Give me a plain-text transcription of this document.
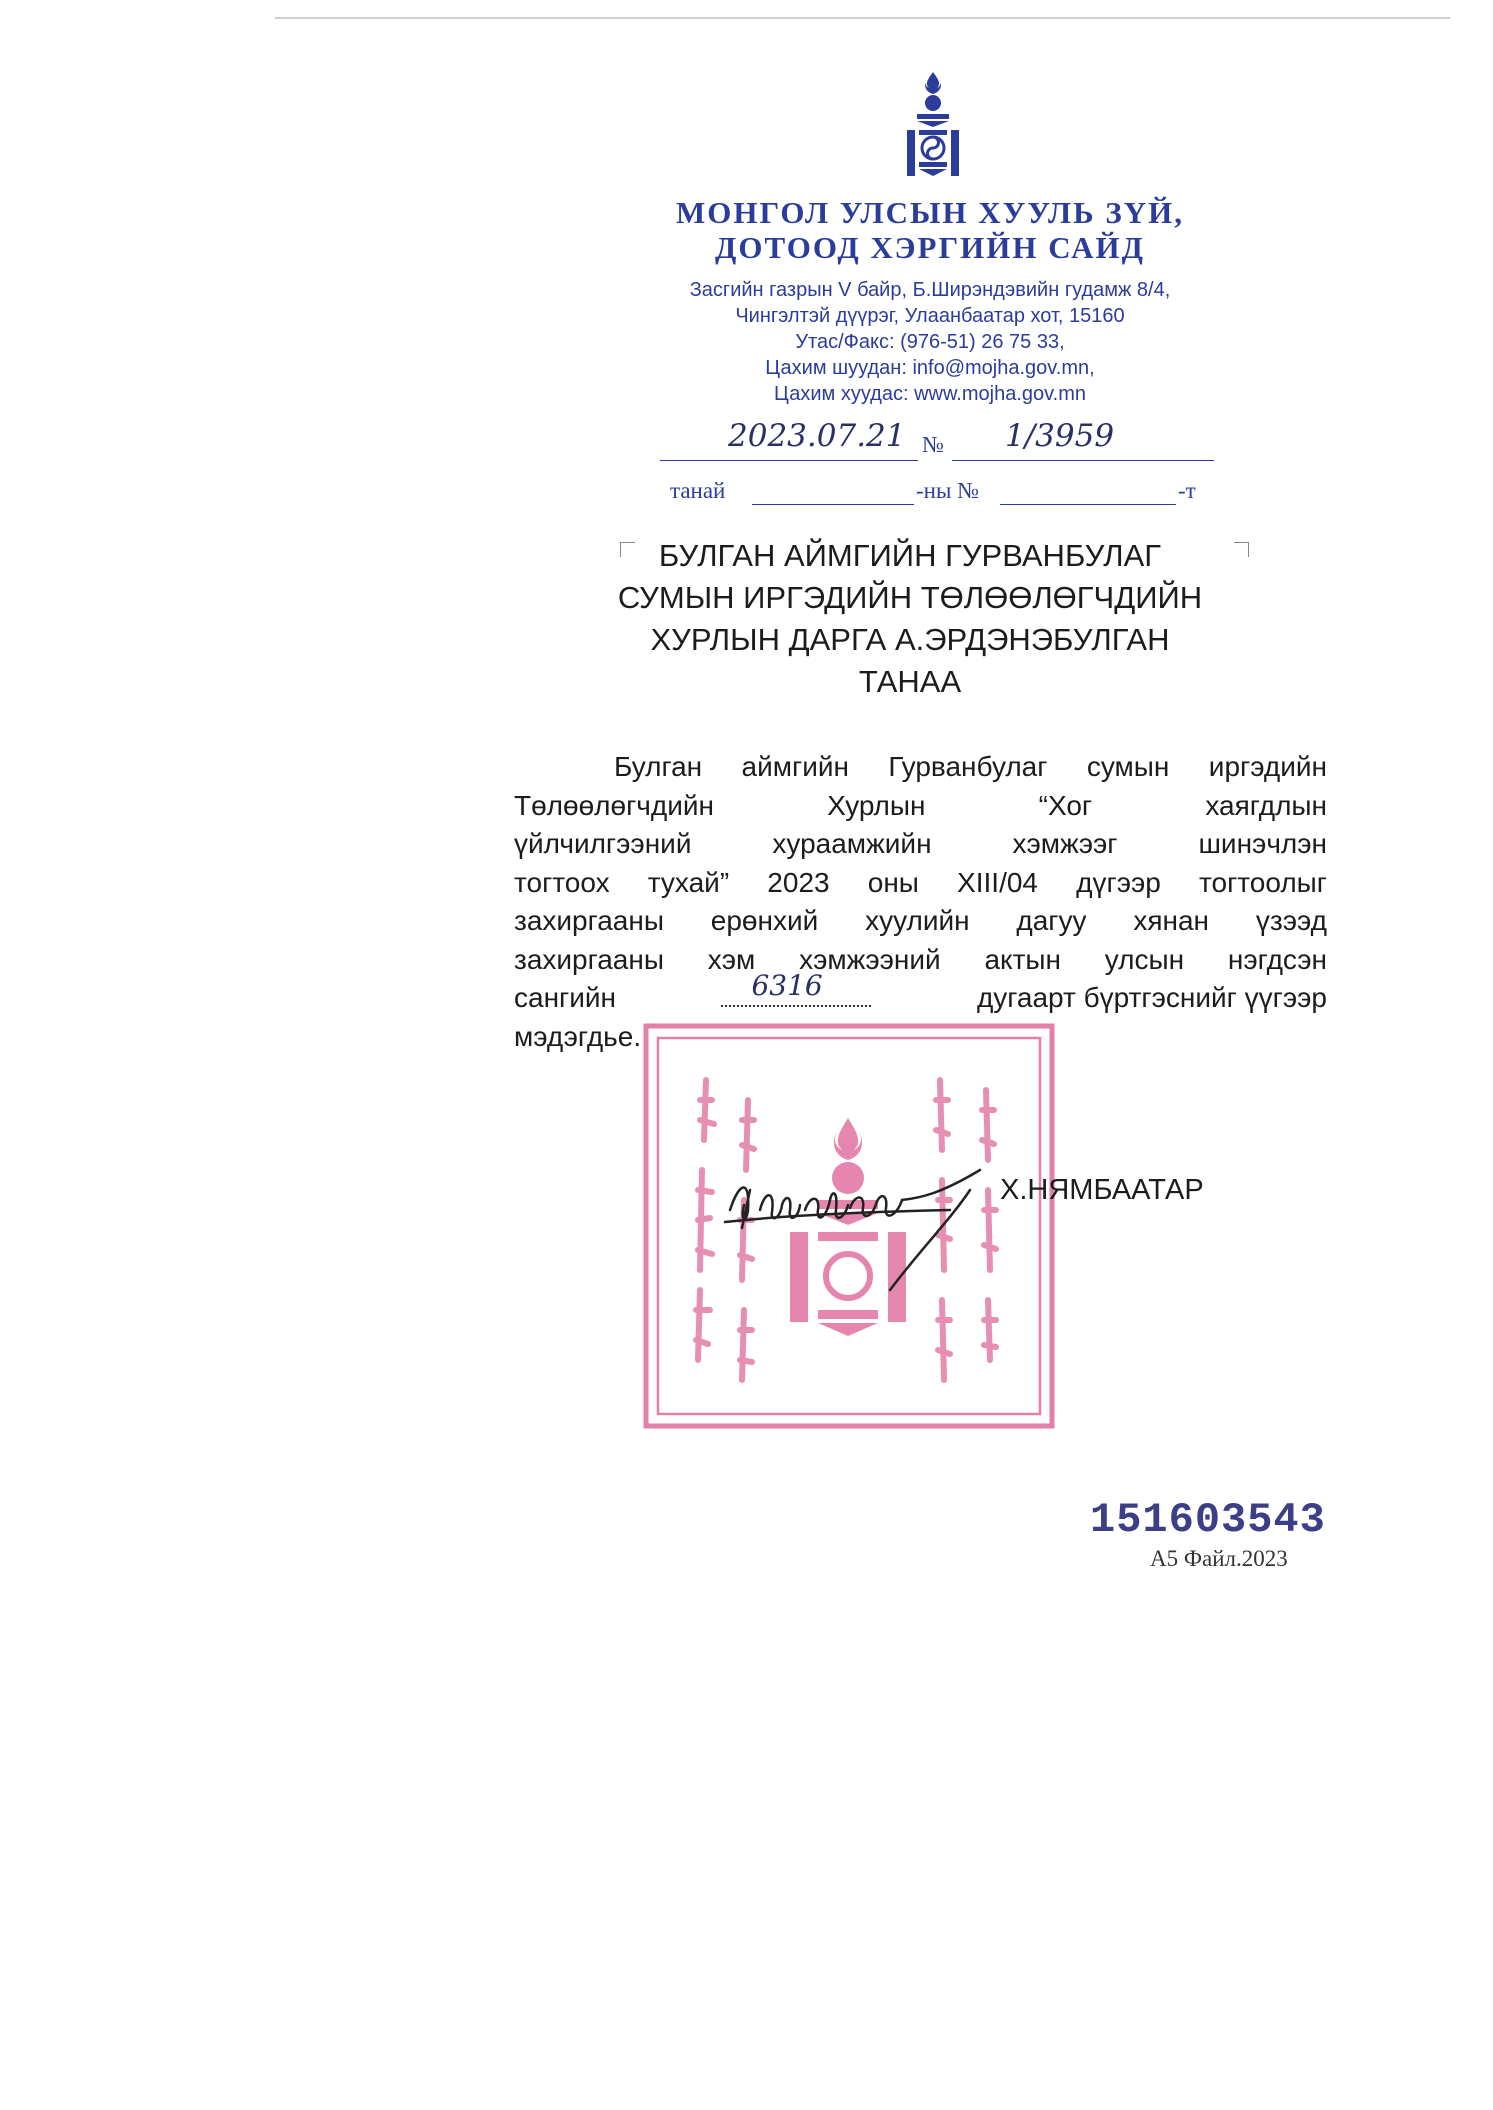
МОНГОЛ УЛСЫН ХУУЛЬ ЗҮЙ,
ДОТООД ХЭРГИЙН САЙД
Засгийн газрын V байр, Б.Ширэндэвийн гудамж 8/4,
Чингэлтэй дүүрэг, Улаанбаатар хот, 15160
Утас/Факс: (976-51) 26 75 33,
Цахим шуудан: info@mojha.gov.mn,
Цахим хуудас: www.mojha.gov.mn
2023.07.21 № 1/3959
танай	-ны №	-т
БУЛГАН АЙМГИЙН ГУРВАНБУЛАГ
СУМЫН ИРГЭДИЙН ТӨЛӨӨЛӨГЧДИЙН
ХУРЛЫН ДАРГА А.ЭРДЭНЭБУЛГАН
ТАНАА
Булган аймгийн Гурванбулаг сумын иргэдийн
Төлөөлөгчдийн Хурлын “Хог хаягдлын
үйлчилгээний хураамжийн хэмжээг шинэчлэн
тогтоох тухай” 2023 оны XIII/04 дүгээр тогтоолыг
захиргааны ерөнхий хуулийн дагуу хянан үзээд
захиргааны хэм хэмжээний актын улсын нэгдсэн
сангийн	6316	дугаарт бүртгэснийг үүгээр
мэдэгдье.
Х.НЯМБААТАР
151603543
А5 Файл.2023
